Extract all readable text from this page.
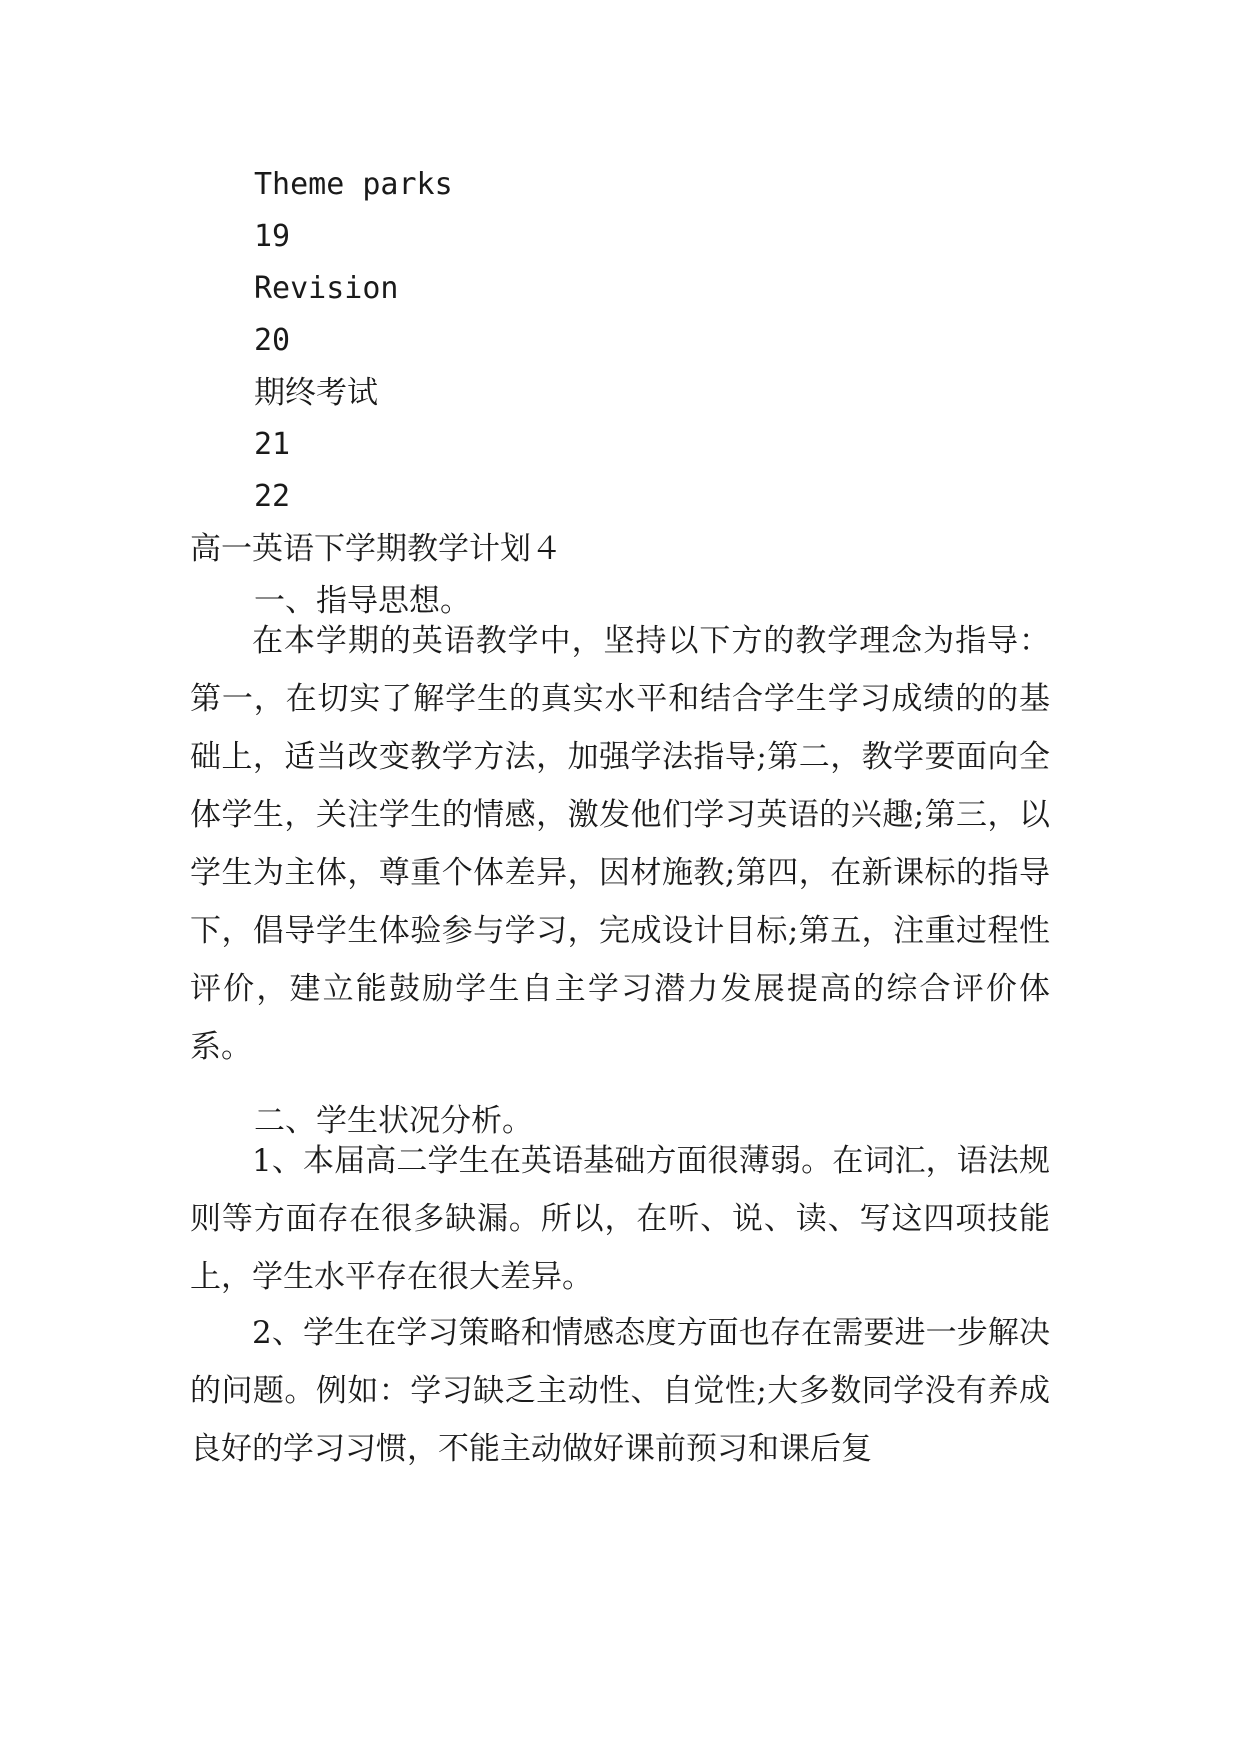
Theme parks
19
Revision
20
期终考试
21
22
高一英语下学期教学计划４
一、指导思想。
在本学期的英语教学中，坚持以下方的教学理念为指导：第一，在切实了解学生的真实水平和结合学生学习成绩的的基础上，适当改变教学方法，加强学法指导;第二，教学要面向全体学生，关注学生的情感，激发他们学习英语的兴趣;第三，以学生为主体，尊重个体差异，因材施教;第四，在新课标的指导下，倡导学生体验参与学习，完成设计目标;第五，注重过程性评价，建立能鼓励学生自主学习潜力发展提高的综合评价体系。
二、学生状况分析。
1、本届高二学生在英语基础方面很薄弱。在词汇，语法规则等方面存在很多缺漏。所以，在听、说、读、写这四项技能上，学生水平存在很大差异。
2、学生在学习策略和情感态度方面也存在需要进一步解决的问题。例如：学习缺乏主动性、自觉性;大多数同学没有养成良好的学习习惯，不能主动做好课前预习和课后复
